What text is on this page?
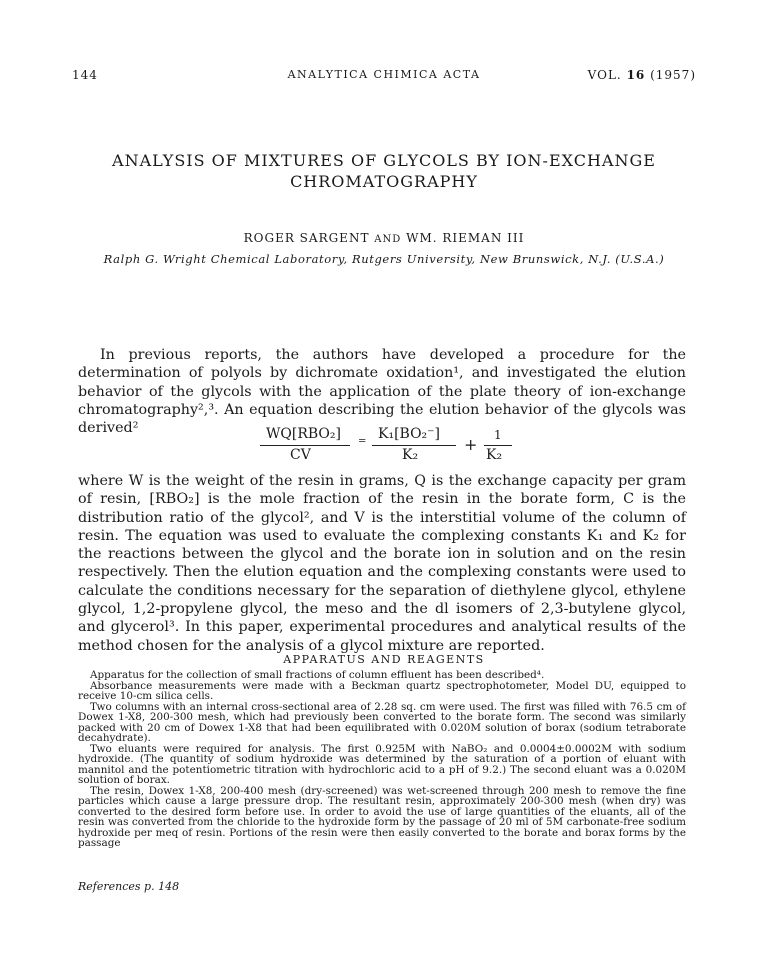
144	ANALYTICA CHIMICA ACTA	VOL. 16 (1957)
ANALYSIS OF MIXTURES OF GLYCOLS BY ION-EXCHANGE
CHROMATOGRAPHY
ROGER SARGENT AND WM. RIEMAN III
Ralph G. Wright Chemical Laboratory, Rutgers University, New Brunswick, N.J. (U.S.A.)

In previous reports, the authors have developed a procedure for the determination of polyols by dichromate oxidation¹, and investigated the elution behavior of the glycols with the application of the plate theory of ion-exchange chromatography²,³. An equation describing the elution behavior of the glycols was derived²	WQ[RBO₂]
CV
= K₁[BO₂⁻]
K₂
+ 1
K₂

where W is the weight of the resin in grams, Q is the exchange capacity per gram of resin, [RBO₂] is the mole fraction of the resin in the borate form, C is the distribution ratio of the glycol², and V is the interstitial volume of the column of resin. The equation was used to evaluate the complexing constants K₁ and K₂ for the reactions between the glycol and the borate ion in solution and on the resin respectively. Then the elution equation and the complexing constants were used to calculate the conditions necessary for the separation of diethylene glycol, ethylene glycol, 1,2-propylene glycol, the meso and the dl isomers of 2,3-butylene glycol, and glycerol³. In this paper, experimental procedures and analytical results of the method chosen for the analysis of a glycol mixture are reported.

APPARATUS AND REAGENTS

Apparatus for the collection of small fractions of column effluent has been described⁴.

Absorbance measurements were made with a Beckman quartz spectrophotometer, Model DU, equipped to receive 10-cm silica cells.

Two columns with an internal cross-sectional area of 2.28 sq. cm were used. The first was filled with 76.5 cm of Dowex 1-X8, 200-300 mesh, which had previously been converted to the borate form. The second was similarly packed with 20 cm of Dowex 1-X8 that had been equilibrated with 0.020M solution of borax (sodium tetraborate decahydrate).

Two eluants were required for analysis. The first 0.925M with NaBO₂ and 0.0004±0.0002M with sodium hydroxide. (The quantity of sodium hydroxide was determined by the saturation of a portion of eluant with mannitol and the potentiometric titration with hydrochloric acid to a pH of 9.2.) The second eluant was a 0.020M solution of borax.

The resin, Dowex 1-X8, 200-400 mesh (dry-screened) was wet-screened through 200 mesh to remove the fine particles which cause a large pressure drop. The resultant resin, approximately 200-300 mesh (when dry) was converted to the desired form before use. In order to avoid the use of large quantities of the eluants, all of the resin was converted from the chloride to the hydroxide form by the passage of 20 ml of 5M carbonate-free sodium hydroxide per meq of resin. Portions of the resin were then easily converted to the borate and borax forms by the passage

References p. 148
